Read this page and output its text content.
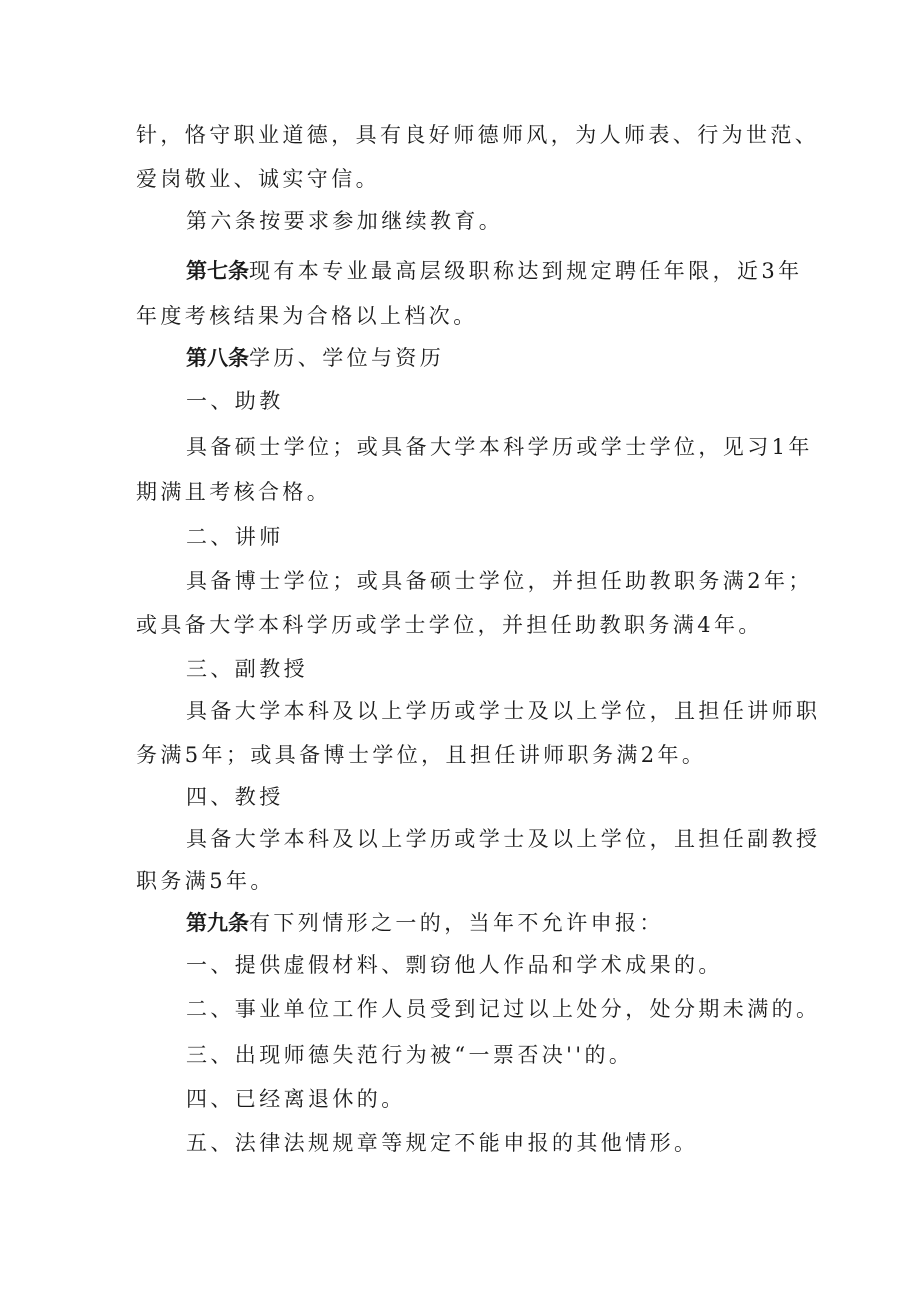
针，恪守职业道德，具有良好师德师风，为人师表、行为世范、
爱岗敬业、诚实守信。
第六条按要求参加继续教育。
第七条现有本专业最高层级职称达到规定聘任年限，近3年
年度考核结果为合格以上档次。
第八条学历、学位与资历
一、助教
具备硕士学位；或具备大学本科学历或学士学位，见习1年
期满且考核合格。
二、讲师
具备博士学位；或具备硕士学位，并担任助教职务满2年；
或具备大学本科学历或学士学位，并担任助教职务满4年。
三、副教授
具备大学本科及以上学历或学士及以上学位，且担任讲师职
务满5年；或具备博士学位，且担任讲师职务满2年。
四、教授
具备大学本科及以上学历或学士及以上学位，且担任副教授
职务满5年。
第九条有下列情形之一的，当年不允许申报：
一、提供虚假材料、剽窃他人作品和学术成果的。
二、事业单位工作人员受到记过以上处分，处分期未满的。
三、出现师德失范行为被“一票否决''的。
四、已经离退休的。
五、法律法规规章等规定不能申报的其他情形。
